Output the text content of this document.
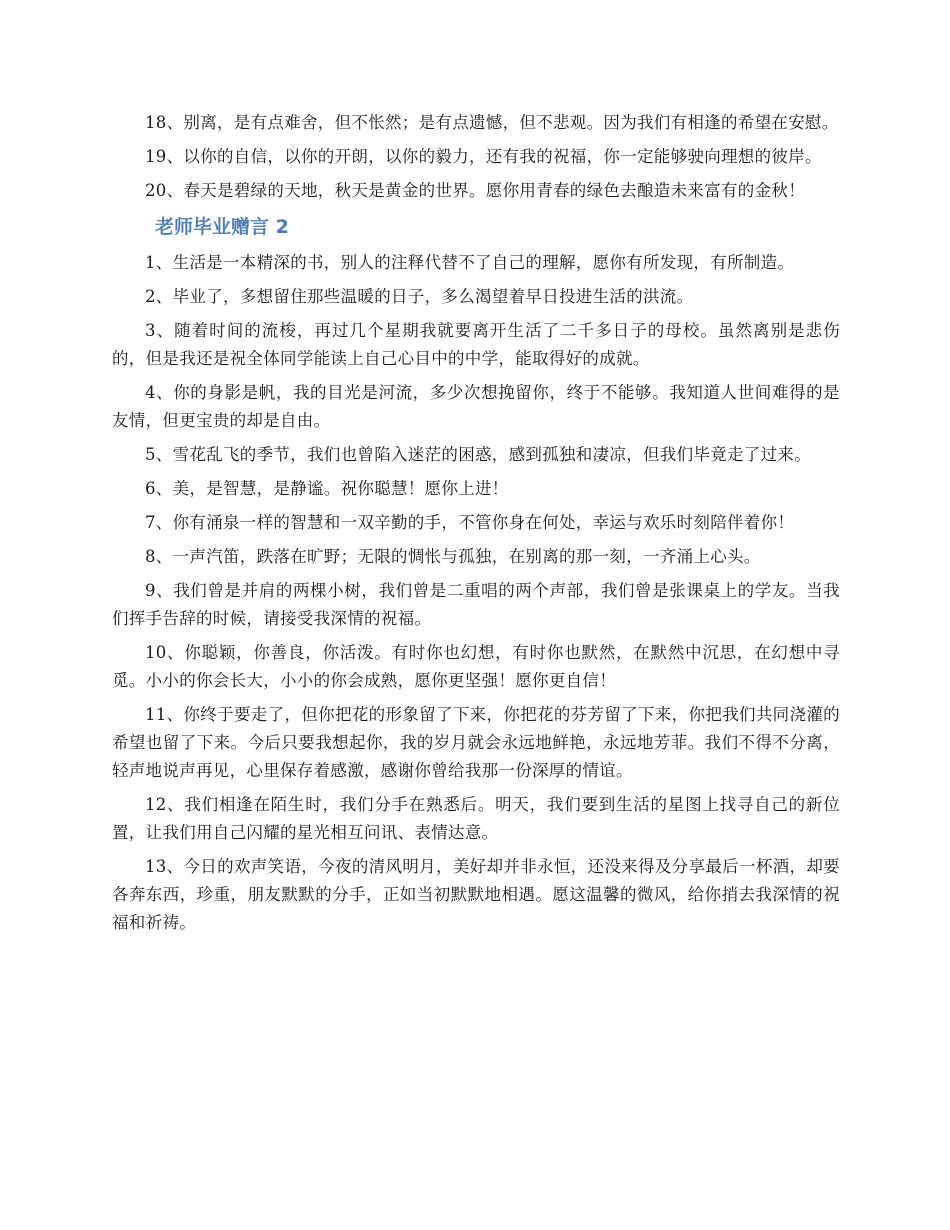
18、别离，是有点难舍，但不怅然；是有点遗憾，但不悲观。因为我们有相逢的希望在安慰。

19、以你的自信，以你的开朗，以你的毅力，还有我的祝福，你一定能够驶向理想的彼岸。

20、春天是碧绿的天地，秋天是黄金的世界。愿你用青春的绿色去酿造未来富有的金秋！

老师毕业赠言 2

1、生活是一本精深的书，别人的注释代替不了自己的理解，愿你有所发现，有所制造。

2、毕业了，多想留住那些温暖的日子，多么渴望着早日投进生活的洪流。

3、随着时间的流梭，再过几个星期我就要离开生活了二千多日子的母校。虽然离别是悲伤的，但是我还是祝全体同学能读上自己心目中的中学，能取得好的成就。

4、你的身影是帆，我的目光是河流，多少次想挽留你，终于不能够。我知道人世间难得的是友情，但更宝贵的却是自由。

5、雪花乱飞的季节，我们也曾陷入迷茫的困惑，感到孤独和凄凉，但我们毕竟走了过来。

6、美，是智慧，是静谧。祝你聪慧！愿你上进！

7、你有涌泉一样的智慧和一双辛勤的手，不管你身在何处，幸运与欢乐时刻陪伴着你！

8、一声汽笛，跌落在旷野；无限的惆怅与孤独，在别离的那一刻，一齐涌上心头。

9、我们曾是并肩的两棵小树，我们曾是二重唱的两个声部，我们曾是张课桌上的学友。当我们挥手告辞的时候，请接受我深情的祝福。

10、你聪颖，你善良，你活泼。有时你也幻想，有时你也默然，在默然中沉思，在幻想中寻觅。小小的你会长大，小小的你会成熟，愿你更坚强！愿你更自信！

11、你终于要走了，但你把花的形象留了下来，你把花的芬芳留了下来，你把我们共同浇灌的希望也留了下来。今后只要我想起你，我的岁月就会永远地鲜艳，永远地芳菲。我们不得不分离，轻声地说声再见，心里保存着感激，感谢你曾给我那一份深厚的情谊。

12、我们相逢在陌生时，我们分手在熟悉后。明天，我们要到生活的星图上找寻自己的新位置，让我们用自己闪耀的星光相互问讯、表情达意。

13、今日的欢声笑语，今夜的清风明月，美好却并非永恒，还没来得及分享最后一杯酒，却要各奔东西，珍重，朋友默默的分手，正如当初默默地相遇。愿这温馨的微风，给你捎去我深情的祝福和祈祷。
